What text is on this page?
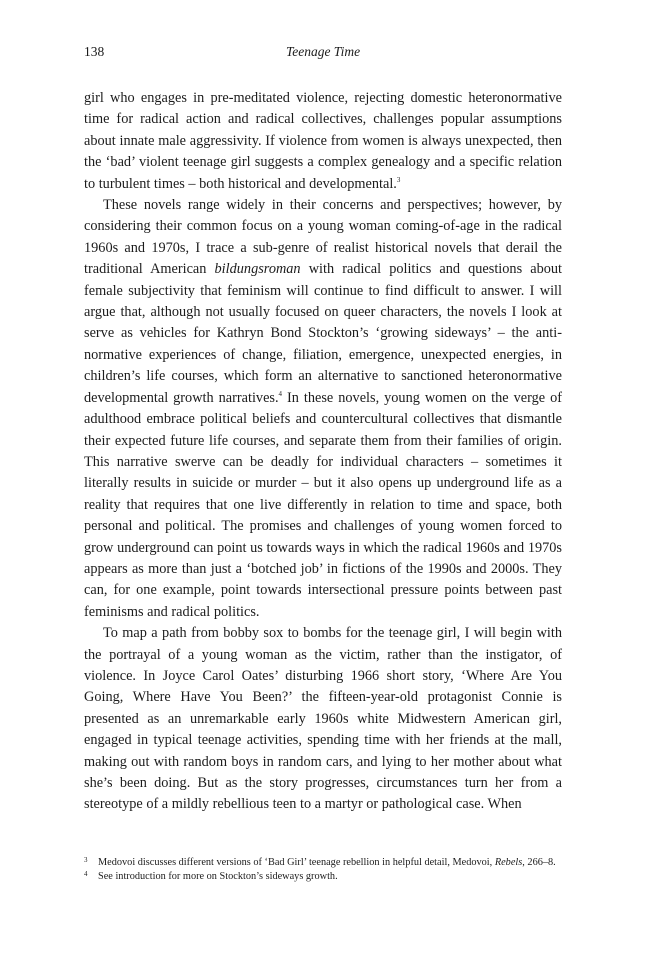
138	Teenage Time

girl who engages in pre-meditated violence, rejecting domestic heteronormative time for radical action and radical collectives, challenges popular assumptions about innate male aggressivity. If violence from women is always unexpected, then the ‘bad’ violent teenage girl suggests a complex genealogy and a specific relation to turbulent times – both historical and developmental.$^3$

These novels range widely in their concerns and perspectives; however, by considering their common focus on a young woman coming-of-age in the radical 1960s and 1970s, I trace a sub-genre of realist historical novels that derail the traditional American bildungsroman with radical politics and questions about female subjectivity that feminism will continue to find difficult to answer. I will argue that, although not usually focused on queer characters, the novels I look at serve as vehicles for Kathryn Bond Stockton’s ‘growing sideways’ – the anti-normative experiences of change, filiation, emergence, unexpected energies, in children’s life courses, which form an alternative to sanctioned heteronormative developmental growth narratives.$^4$ In these novels, young women on the verge of adulthood embrace political beliefs and countercultural collectives that dismantle their expected future life courses, and separate them from their families of origin. This narrative swerve can be deadly for individual characters – sometimes it literally results in suicide or murder – but it also opens up underground life as a reality that requires that one live differently in relation to time and space, both personal and political. The promises and challenges of young women forced to grow underground can point us towards ways in which the radical 1960s and 1970s appears as more than just a ‘botched job’ in fictions of the 1990s and 2000s. They can, for one example, point towards intersectional pressure points between past feminisms and radical politics.

To map a path from bobby sox to bombs for the teenage girl, I will begin with the portrayal of a young woman as the victim, rather than the instigator, of violence. In Joyce Carol Oates’ disturbing 1966 short story, ‘Where Are You Going, Where Have You Been?’ the fifteen-year-old protagonist Connie is presented as an unremarkable early 1960s white Midwestern American girl, engaged in typical teenage activities, spending time with her friends at the mall, making out with random boys in random cars, and lying to her mother about what she’s been doing. But as the story progresses, circumstances turn her from a stereotype of a mildly rebellious teen to a martyr or pathological case. When

3	Medovoi discusses different versions of ‘Bad Girl’ teenage rebellion in helpful detail, Medovoi, Rebels, 266–8.
4	See introduction for more on Stockton’s sideways growth.
